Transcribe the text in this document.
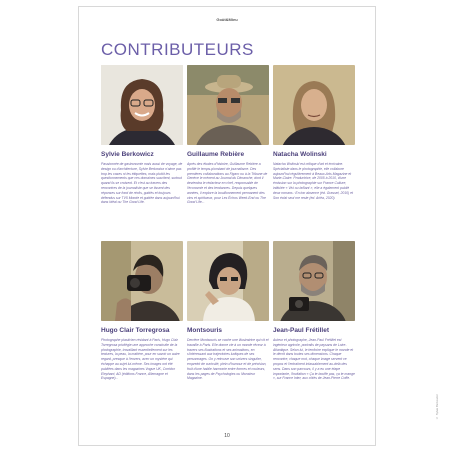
Goût&Mieu
CONTRIBUTEURS
Sylvie Berkowicz
Passionnée de gastronomie mais aussi de voyage, de design ou d'architecture, Sylvie Berkowicz n'aime pas trop les cases ni les étiquettes, mais plutôt les questionnements que ces domaines suscitent, surtout quand ils se croisent. Et c'est au travers des rencontres de la journaliste que se tissent des réponses sur fond de récits, guidés et toujours défendus sur TV5 Monde et guidée dans aujourd'hui dans Idéal ou The Good Life.
Guillaume Rebière
Après des études d'histoire, Guillaume Rebière a profité le temps-plombant de journalisme. Des premières collaborations au Figaro ou à la Tribune de Genève le mènent au Journal du Dimanche, dont il deviendra le rédacteur en chef, responsable de l'économie et des tendances. Depuis quelques années, il explore la bouillonnement permanent des vins et spiritueux, pour Les Échos Week-End ou The Good Life...
Natacha Wolinski
Natacha Wolinski est critique d'art et écrivaine. Spécialiste dans le photographie, elle collabore aujourd'hui régulièrement à Beaux-Arts Magazine et Marie-Claire. Productrice, de 2005 à 2010, d'une émission sur la photographie sur France Culture, intitulée « Vivi ou brillant », elle a également publié deux romans : En ton absence (éd. Grasset, 2010) et Son éclat seul me reste (éd. Arléa, 2020).
Hugo Clair Torregrosa
Photographe plasticien résidant à Paris, Hugo Clair Torregrosa privilégie une approche construite de la photographie, travaillant essentiellement sur les textures, la peau, la matière, pour en savoir un autre regard, presque à l'envers, avec un mystère qui échappe au sujet lui-même. Ses images ont été publiées dans les magazines Vogue UK, Corridor Elephant, AD (éditions France, Allemagne et Espagne)...
Montsouris
Derrière Montsouris se cache une illustratrice qui vit et travaille à Paris. Elle donne vie à un monde rêveur à travers ses illustrations et ses animations, en s'intéressant aux trajectoires ludiques de ses personnages. On y retrouve son univers singulier, empreint de curiosité, plein d'humour et de précision, fruit d'une habile harmonie entre formes et couleurs, dans les pages de Psychologies ou Monsieur Magazine.
Jean-Paul Frétillet
Auteur et photographe, Jean-Paul Frétillet est ingénieur agricole, portraits de paysans de Loire-Atlantique. Selon lui, le territoire explique le monde et le décrit dans toutes ses dimensions. Chaque rencontre, chaque mot, chaque image servent ce propos et l'entraînent inlassablement au-delà des sens. Dans son parcours, il y a eu une étape importante, l'invitation « Ça te bouffe pas, ça te mange », sur France Inter, aux côtés de Jean-Pierre Coffe.
10
© Sylvie Berkowicz
